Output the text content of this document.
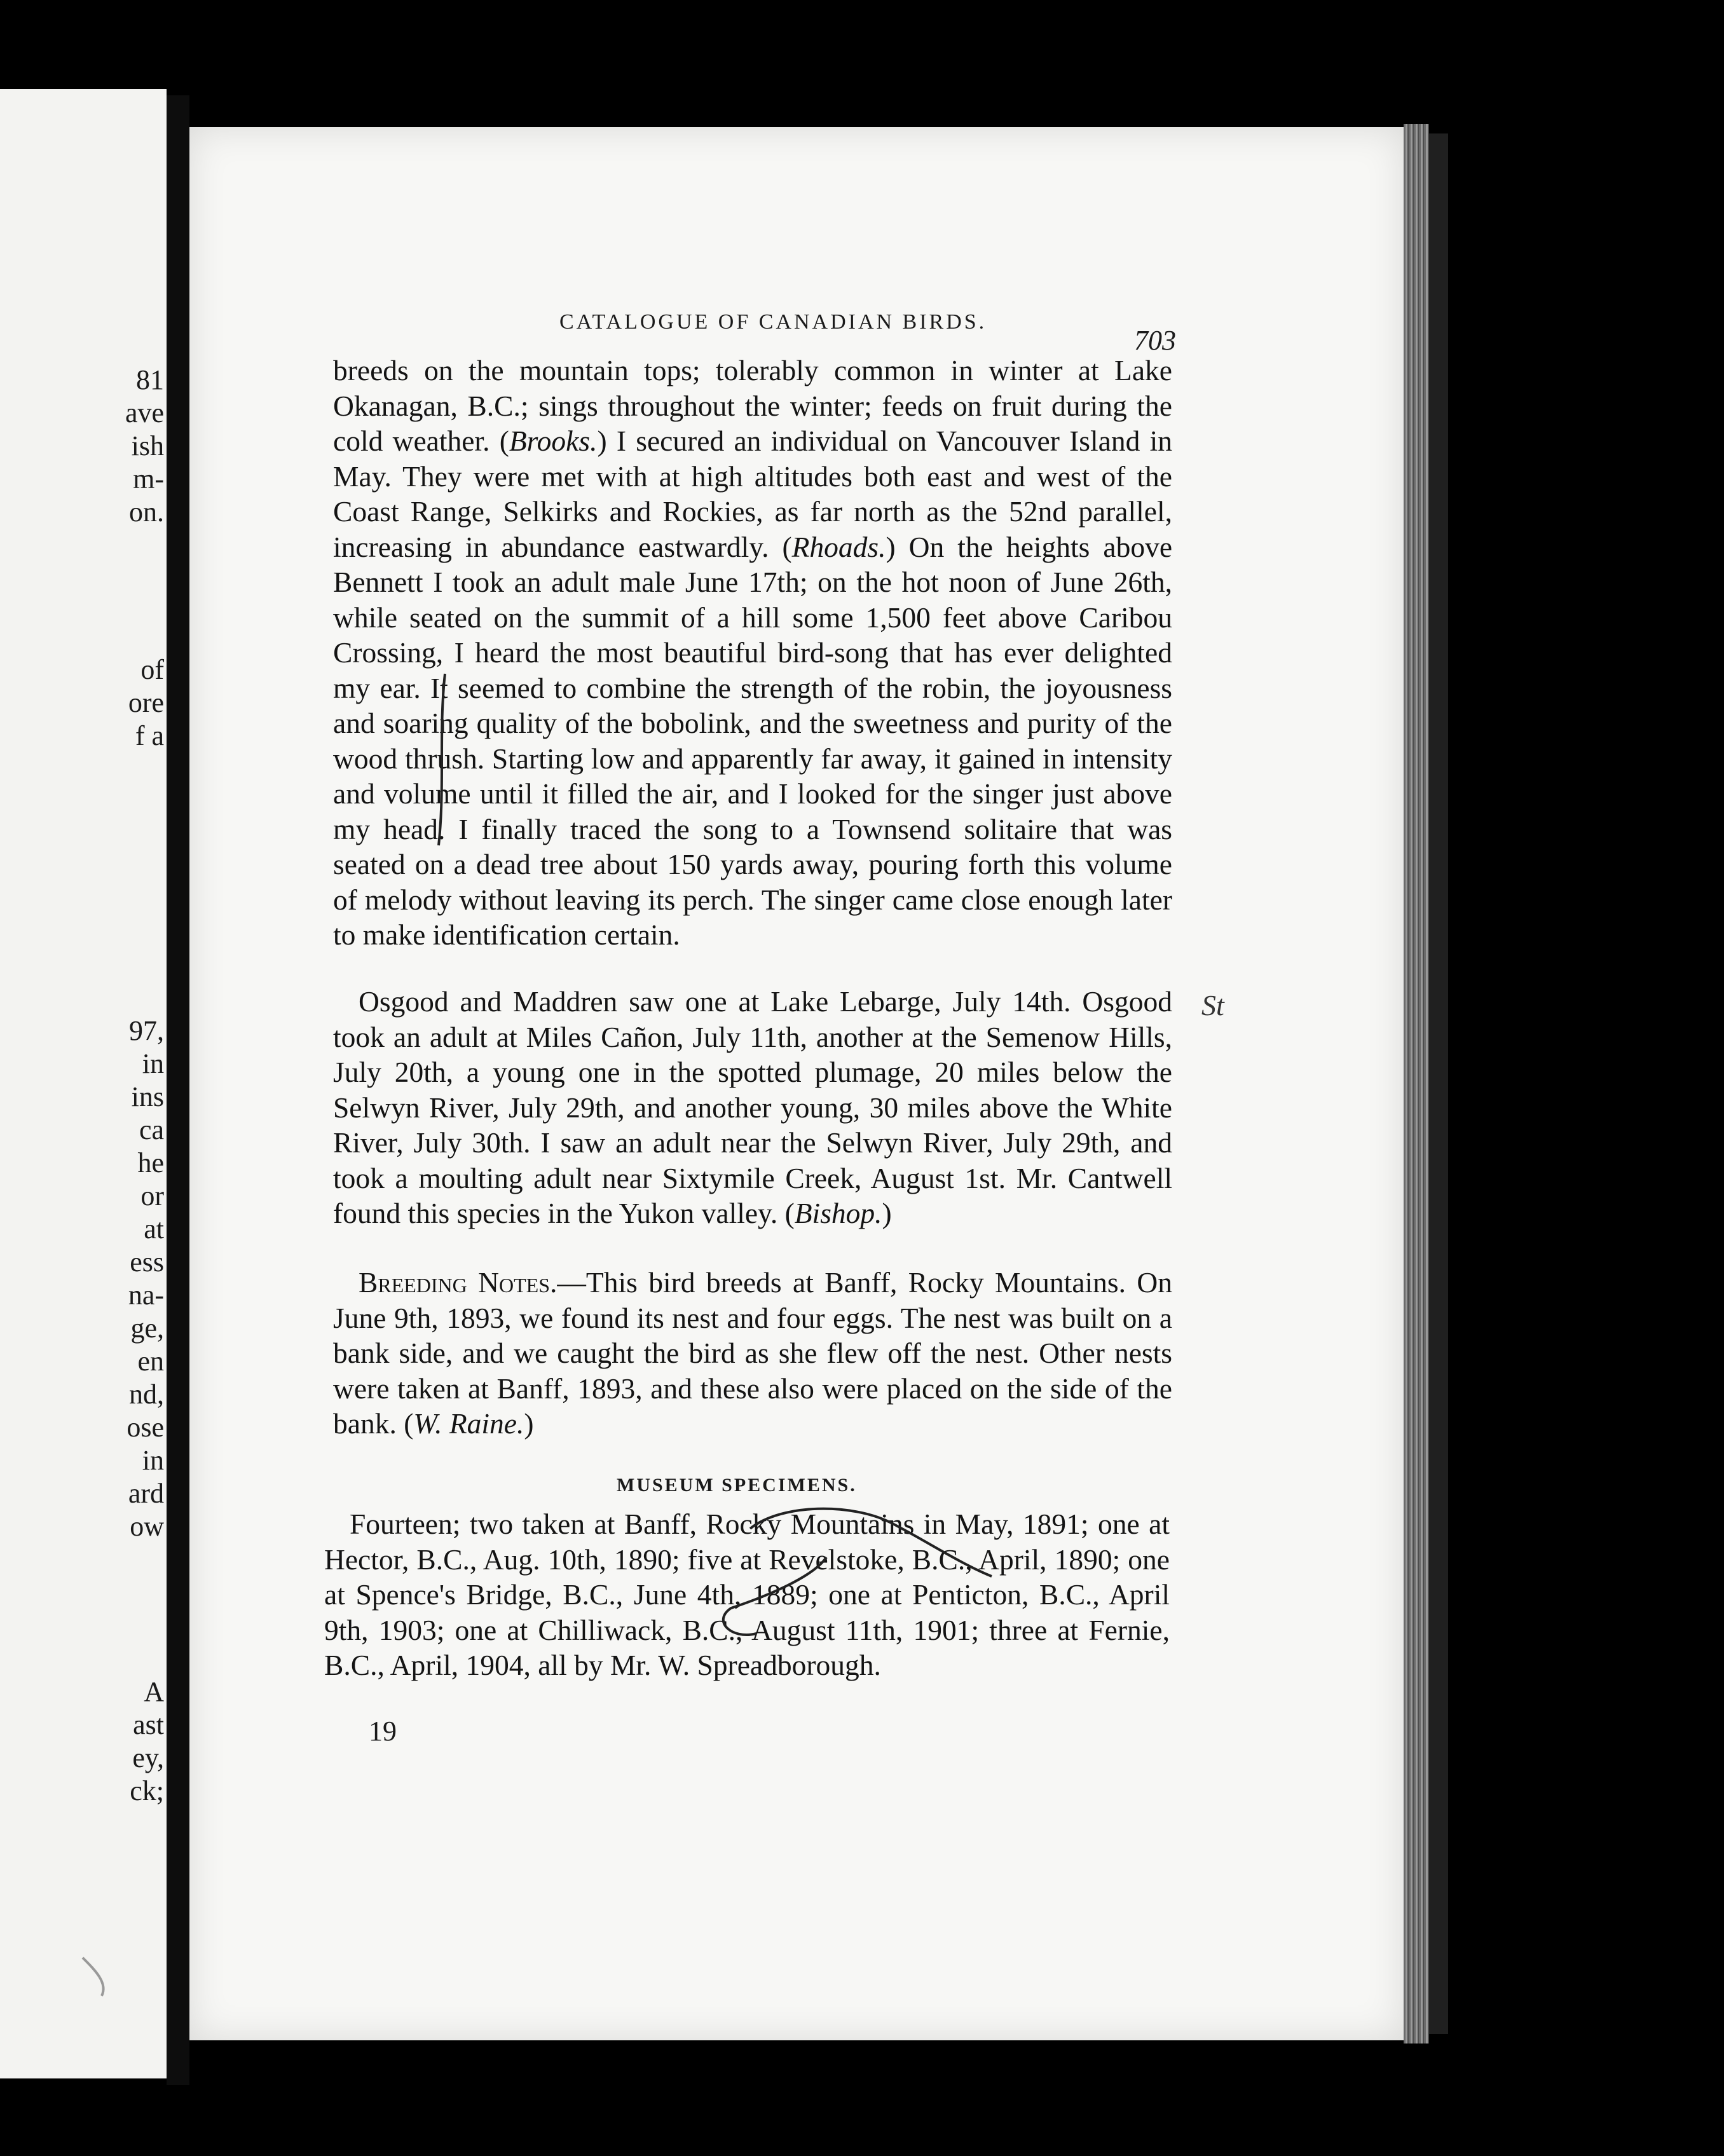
81
ave
ish
m-
on.
of
ore
f a
97,
in
ins
ca
he
or
at
ess
na-
ge,
en
nd,
ose
in
ard
ow
A
ast
ey,
ck;
CATALOGUE OF CANADIAN BIRDS.
703
breeds on the mountain tops; tolerably common in winter at Lake Okanagan, B.C.; sings throughout the winter; feeds on fruit during the cold weather. (Brooks.) I secured an individual on Vancouver Island in May. They were met with at high altitudes both east and west of the Coast Range, Selkirks and Rockies, as far north as the 52nd parallel, increasing in abundance eastwardly. (Rhoads.) On the heights above Bennett I took an adult male June 17th; on the hot noon of June 26th, while seated on the summit of a hill some 1,500 feet above Caribou Crossing, I heard the most beautiful bird-song that has ever delighted my ear. It seemed to combine the strength of the robin, the joyousness and soaring quality of the bobolink, and the sweetness and purity of the wood thrush. Starting low and apparently far away, it gained in intensity and volume until it filled the air, and I looked for the singer just above my head. I finally traced the song to a Townsend solitaire that was seated on a dead tree about 150 yards away, pouring forth this volume of melody without leaving its perch. The singer came close enough later to make identification certain.
Osgood and Maddren saw one at Lake Lebarge, July 14th. Osgood took an adult at Miles Cañon, July 11th, another at the Semenow Hills, July 20th, a young one in the spotted plumage, 20 miles below the Selwyn River, July 29th, and another young, 30 miles above the White River, July 30th. I saw an adult near the Selwyn River, July 29th, and took a moulting adult near Sixtymile Creek, August 1st. Mr. Cantwell found this species in the Yukon valley. (Bishop.)
Breeding Notes.—This bird breeds at Banff, Rocky Mountains. On June 9th, 1893, we found its nest and four eggs. The nest was built on a bank side, and we caught the bird as she flew off the nest. Other nests were taken at Banff, 1893, and these also were placed on the side of the bank. (W. Raine.)
MUSEUM SPECIMENS.
Fourteen; two taken at Banff, Rocky Mountains in May, 1891; one at Hector, B.C., Aug. 10th, 1890; five at Revelstoke, B.C., April, 1890; one at Spence's Bridge, B.C., June 4th, 1889; one at Penticton, B.C., April 9th, 1903; one at Chilliwack, B.C., August 11th, 1901; three at Fernie, B.C., April, 1904, all by Mr. W. Spreadborough.
19
St
